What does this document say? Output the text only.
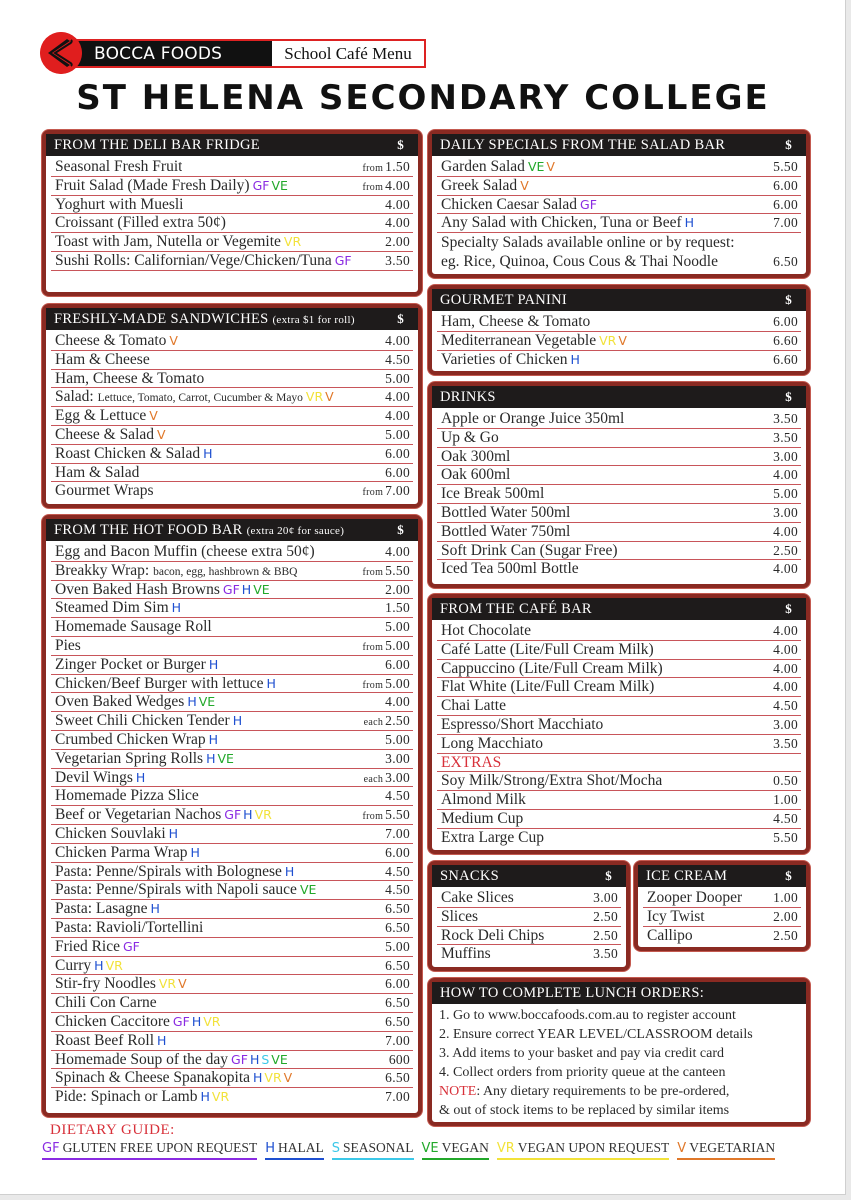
BOCCA FOODS	School Café Menu
ST HELENA SECONDARY COLLEGE
FROM THE DELI BAR FRIDGE	$
Seasonal Fresh Fruit	from 1.50
Fruit Salad (Made Fresh Daily) GF VE	from 4.00
Yoghurt with Muesli	4.00
Croissant (Filled extra 50¢)	4.00
Toast with Jam, Nutella or Vegemite VR	2.00
Sushi Rolls: Californian/Vege/Chicken/Tuna GF 3.50
FRESHLY-MADE SANDWICHES (extra $1 for roll)	$
Cheese & Tomato V	4.00
Ham & Cheese	4.50
Ham, Cheese & Tomato	5.00
Salad: Lettuce, Tomato, Carrot, Cucumber & Mayo VR V	4.00
Egg & Lettuce V	4.00
Cheese & Salad V	5.00
Roast Chicken & Salad H	6.00
Ham & Salad	6.00
Gourmet Wraps	from 7.00
FROM THE HOT FOOD BAR (extra 20¢ for sauce)	$
Egg and Bacon Muffin (cheese extra 50¢)	4.00
Breakky Wrap: bacon, egg, hashbrown & BBQ	from 5.50
Oven Baked Hash Browns GF H VE	2.00
Steamed Dim Sim H	1.50
Homemade Sausage Roll	5.00
Pies	from 5.00
Zinger Pocket or Burger H	6.00
Chicken/Beef Burger with lettuce H	from 5.00
Oven Baked Wedges H VE	4.00
Sweet Chili Chicken Tender H	each 2.50
Crumbed Chicken Wrap H	5.00
Vegetarian Spring Rolls H VE	3.00
Devil Wings H	each 3.00
Homemade Pizza Slice	4.50
Beef or Vegetarian Nachos GF H VR	from 5.50
Chicken Souvlaki H	7.00
Chicken Parma Wrap H	6.00
Pasta: Penne/Spirals with Bolognese H	4.50
Pasta: Penne/Spirals with Napoli sauce VE	4.50
Pasta: Lasagne H	6.50
Pasta: Ravioli/Tortellini	6.50
Fried Rice GF	5.00
Curry H VR	6.50
Stir-fry Noodles VR V	6.00
Chili Con Carne	6.50
Chicken Caccitore GF H VR	6.50
Roast Beef Roll H	7.00
Homemade Soup of the day GF H S VE	600
Spinach & Cheese Spanakopita H VR V	6.50
Pide: Spinach or Lamb H VR	7.00
DAILY SPECIALS FROM THE SALAD BAR	$
Garden Salad VE V	5.50
Greek Salad V	6.00
Chicken Caesar Salad GF	6.00
Any Salad with Chicken, Tuna or Beef H	7.00
Specialty Salads available online or by request:
eg. Rice, Quinoa, Cous Cous & Thai Noodle	6.50
GOURMET PANINI	$
Ham, Cheese & Tomato	6.00
Mediterranean Vegetable VR V	6.60
Varieties of Chicken H	6.60
DRINKS	$
Apple or Orange Juice 350ml	3.50
Up & Go	3.50
Oak 300ml	3.00
Oak 600ml	4.00
Ice Break 500ml	5.00
Bottled Water 500ml	3.00
Bottled Water 750ml	4.00
Soft Drink Can (Sugar Free)	2.50
Iced Tea 500ml Bottle	4.00
FROM THE CAFÉ BAR	$
Hot Chocolate	4.00
Café Latte (Lite/Full Cream Milk)	4.00
Cappuccino (Lite/Full Cream Milk)	4.00
Flat White (Lite/Full Cream Milk)	4.00
Chai Latte	4.50
Espresso/Short Macchiato	3.00
Long Macchiato	3.50
EXTRAS
Soy Milk/Strong/Extra Shot/Mocha	0.50
Almond Milk	1.00
Medium Cup	4.50
Extra Large Cup	5.50
SNACKS	$
Cake Slices	3.00
Slices	2.50
Rock Deli Chips	2.50
Muffins	3.50
ICE CREAM	$
Zooper Dooper 1.00
Icy Twist	2.00
Callipo	2.50
HOW TO COMPLETE LUNCH ORDERS:
1. Go to www.boccafoods.com.au to register account
2. Ensure correct YEAR LEVEL/CLASSROOM details
3. Add items to your basket and pay via credit card
4. Collect orders from priority queue at the canteen
NOTE: Any dietary requirements to be pre-ordered,
& out of stock items to be replaced by similar items
DIETARY GUIDE:
GF GLUTEN FREE UPON REQUEST H HALAL S SEASONAL VE VEGAN VR VEGAN UPON REQUEST V VEGETARIAN
